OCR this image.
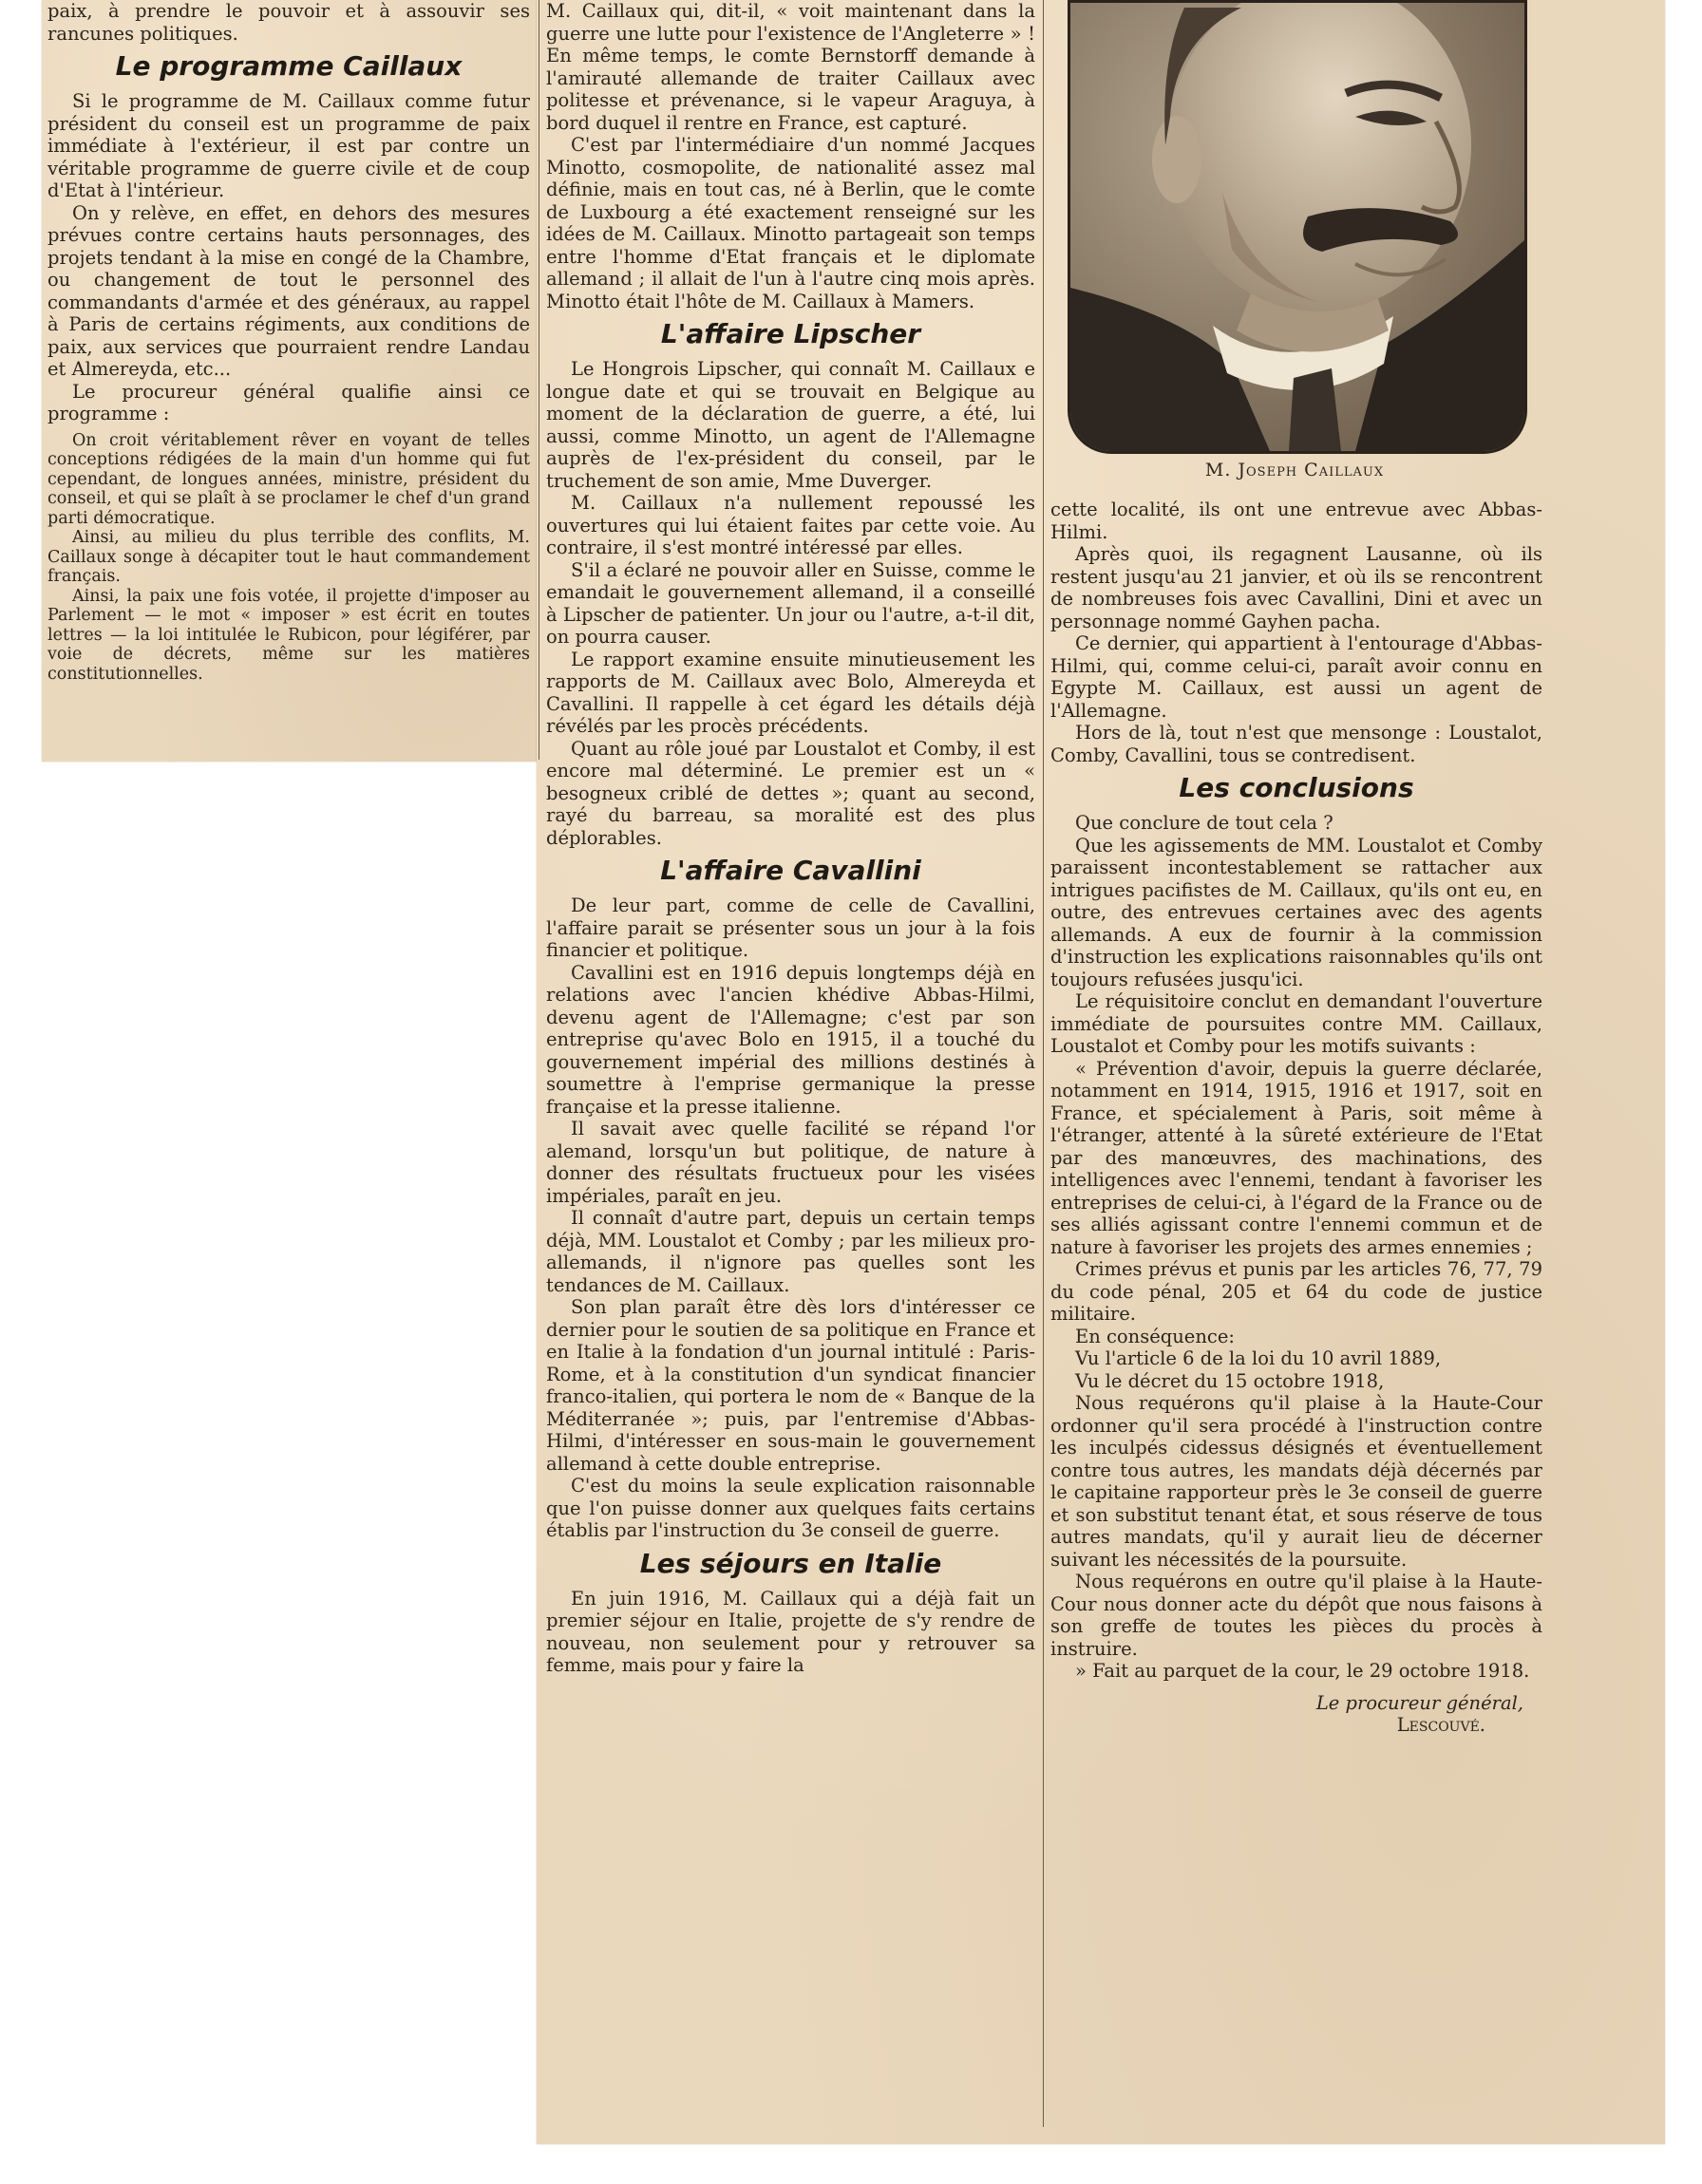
paix, à prendre le pouvoir et à assouvir ses rancunes politiques.

Le programme Caillaux

Si le programme de M. Caillaux comme futur président du conseil est un programme de paix immédiate à l'extérieur, il est par contre un véritable programme de guerre civile et de coup d'Etat à l'intérieur.

On y relève, en effet, en dehors des mesures prévues contre certains hauts personnages, des projets tendant à la mise en congé de la Chambre, ou changement de tout le personnel des commandants d'armée et des généraux, au rappel à Paris de certains régiments, aux conditions de paix, aux services que pourraient rendre Landau et Almereyda, etc...

Le procureur général qualifie ainsi ce programme :

On croit véritablement rêver en voyant de telles conceptions rédigées de la main d'un homme qui fut cependant, de longues années, ministre, président du conseil, et qui se plaît à se proclamer le chef d'un grand parti démocratique.

Ainsi, au milieu du plus terrible des conflits, M. Caillaux songe à décapiter tout le haut commandement français.

Ainsi, la paix une fois votée, il projette d'imposer au Parlement — le mot « imposer » est écrit en toutes lettres — la loi intitulée le Rubicon, pour légiférer, par voie de décrets, même sur les matières constitutionnelles.

M. Caillaux qui, dit-il, « voit maintenant dans la guerre une lutte pour l'existence de l'Angleterre » ! En même temps, le comte Bernstorff demande à l'amirauté allemande de traiter Caillaux avec politesse et prévenance, si le vapeur Araguya, à bord duquel il rentre en France, est capturé.

C'est par l'intermédiaire d'un nommé Jacques Minotto, cosmopolite, de nationalité assez mal définie, mais en tout cas, né à Berlin, que le comte de Luxbourg a été exactement renseigné sur les idées de M. Caillaux. Minotto partageait son temps entre l'homme d'Etat français et le diplomate allemand ; il allait de l'un à l'autre cinq mois après. Minotto était l'hôte de M. Caillaux à Mamers.

L'affaire Lipscher

Le Hongrois Lipscher, qui connaît M. Caillaux e longue date et qui se trouvait en Belgique au moment de la déclaration de guerre, a été, lui aussi, comme Minotto, un agent de l'Allemagne auprès de l'ex-président du conseil, par le truchement de son amie, Mme Duverger.

M. Caillaux n'a nullement repoussé les ouvertures qui lui étaient faites par cette voie. Au contraire, il s'est montré intéressé par elles.

S'il a éclaré ne pouvoir aller en Suisse, comme le emandait le gouvernement allemand, il a conseillé à Lipscher de patienter. Un jour ou l'autre, a-t-il dit, on pourra causer.

Le rapport examine ensuite minutieusement les rapports de M. Caillaux avec Bolo, Almereyda et Cavallini. Il rappelle à cet égard les détails déjà révélés par les procès précédents.

Quant au rôle joué par Loustalot et Comby, il est encore mal déterminé. Le premier est un « besogneux criblé de dettes »; quant au second, rayé du barreau, sa moralité est des plus déplorables.

L'affaire Cavallini

De leur part, comme de celle de Cavallini, l'affaire parait se présenter sous un jour à la fois financier et politique.

Cavallini est en 1916 depuis longtemps déjà en relations avec l'ancien khédive Abbas-Hilmi, devenu agent de l'Allemagne; c'est par son entreprise qu'avec Bolo en 1915, il a touché du gouvernement impérial des millions destinés à soumettre à l'emprise germanique la presse française et la presse italienne.

Il savait avec quelle facilité se répand l'or alemand, lorsqu'un but politique, de nature à donner des résultats fructueux pour les visées impériales, paraît en jeu.

Il connaît d'autre part, depuis un certain temps déjà, MM. Loustalot et Comby ; par les milieux pro-allemands, il n'ignore pas quelles sont les tendances de M. Caillaux.

Son plan paraît être dès lors d'intéresser ce dernier pour le soutien de sa politique en France et en Italie à la fondation d'un journal intitulé : Paris-Rome, et à la constitution d'un syndicat financier franco-italien, qui portera le nom de « Banque de la Méditerranée »; puis, par l'entremise d'Abbas-Hilmi, d'intéresser en sous-main le gouvernement allemand à cette double entreprise.

C'est du moins la seule explication raisonnable que l'on puisse donner aux quelques faits certains établis par l'instruction du 3e conseil de guerre.

Les séjours en Italie

En juin 1916, M. Caillaux qui a déjà fait un premier séjour en Italie, projette de s'y rendre de nouveau, non seulement pour y retrouver sa femme, mais pour y faire la

M. Joseph Caillaux

cette localité, ils ont une entrevue avec Abbas-Hilmi.

Après quoi, ils regagnent Lausanne, où ils restent jusqu'au 21 janvier, et où ils se rencontrent de nombreuses fois avec Cavallini, Dini et avec un personnage nommé Gayhen pacha.

Ce dernier, qui appartient à l'entourage d'Abbas-Hilmi, qui, comme celui-ci, paraît avoir connu en Egypte M. Caillaux, est aussi un agent de l'Allemagne.

Hors de là, tout n'est que mensonge : Loustalot, Comby, Cavallini, tous se contredisent.

Les conclusions

Que conclure de tout cela ?

Que les agissements de MM. Loustalot et Comby paraissent incontestablement se rattacher aux intrigues pacifistes de M. Caillaux, qu'ils ont eu, en outre, des entrevues certaines avec des agents allemands. A eux de fournir à la commission d'instruction les explications raisonnables qu'ils ont toujours refusées jusqu'ici.

Le réquisitoire conclut en demandant l'ouverture immédiate de poursuites contre MM. Caillaux, Loustalot et Comby pour les motifs suivants :

« Prévention d'avoir, depuis la guerre déclarée, notamment en 1914, 1915, 1916 et 1917, soit en France, et spécialement à Paris, soit même à l'étranger, attenté à la sûreté extérieure de l'Etat par des manœuvres, des machinations, des intelligences avec l'ennemi, tendant à favoriser les entreprises de celui-ci, à l'égard de la France ou de ses alliés agissant contre l'ennemi commun et de nature à favoriser les projets des armes ennemies ;

Crimes prévus et punis par les articles 76, 77, 79 du code pénal, 205 et 64 du code de justice militaire.

En conséquence:

Vu l'article 6 de la loi du 10 avril 1889,

Vu le décret du 15 octobre 1918,

Nous requérons qu'il plaise à la Haute-Cour ordonner qu'il sera procédé à l'instruction contre les inculpés cidessus désignés et éventuellement contre tous autres, les mandats déjà décernés par le capitaine rapporteur près le 3e conseil de guerre et son substitut tenant état, et sous réserve de tous autres mandats, qu'il y aurait lieu de décerner suivant les nécessités de la poursuite.

Nous requérons en outre qu'il plaise à la Haute-Cour nous donner acte du dépôt que nous faisons à son greffe de toutes les pièces du procès à instruire.

» Fait au parquet de la cour, le 29 octobre 1918.

Le procureur général,

Lescouvé.
